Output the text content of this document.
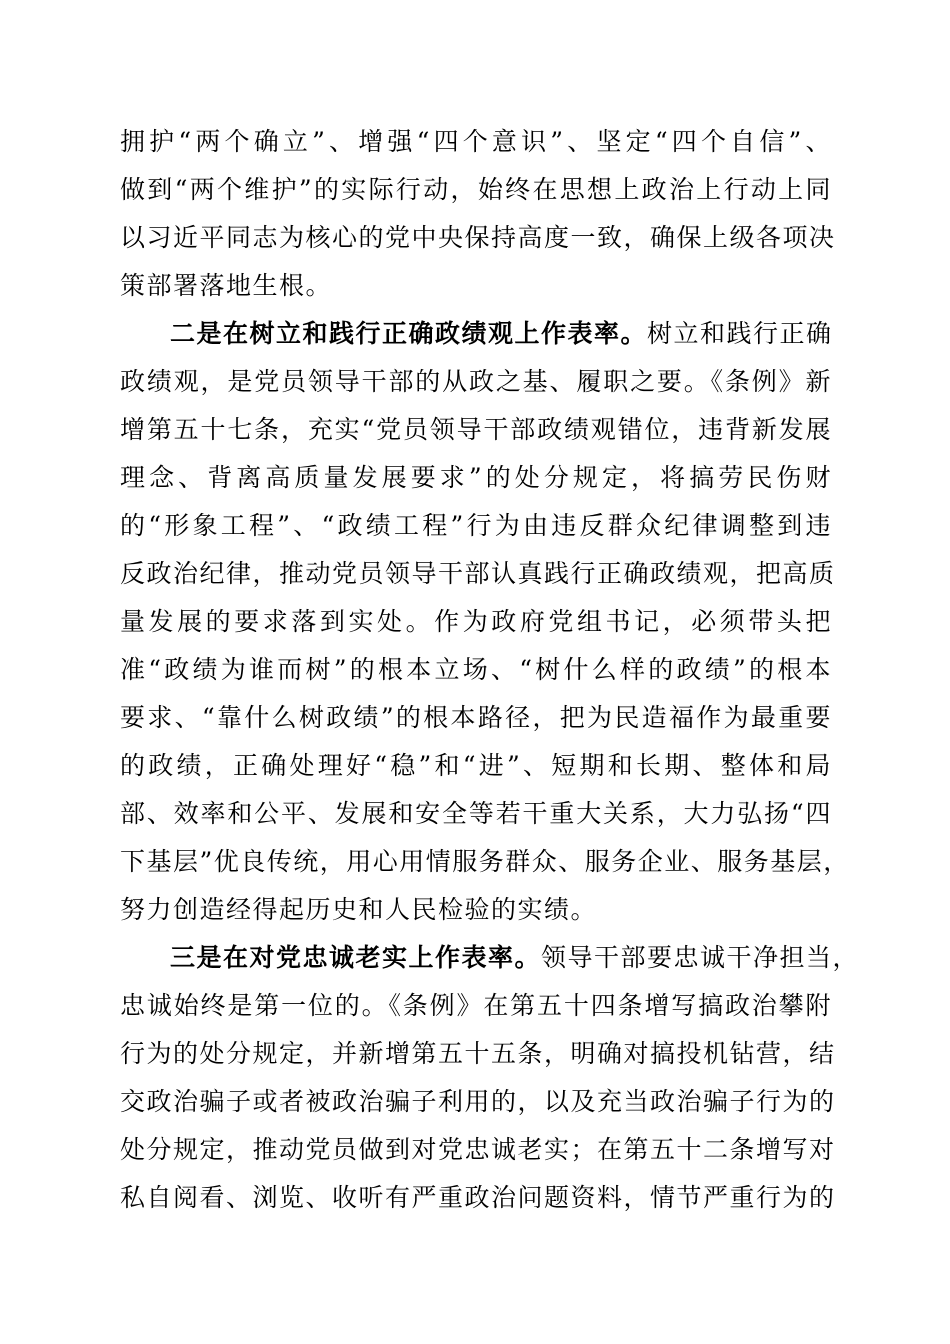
拥护“两个确立”、增强“四个意识”、坚定“四个自信”、
做到“两个维护”的实际行动，始终在思想上政治上行动上同
以习近平同志为核心的党中央保持高度一致，确保上级各项决
策部署落地生根。
二是在树立和践行正确政绩观上作表率。树立和践行正确
政绩观，是党员领导干部的从政之基、履职之要。《条例》新
增第五十七条，充实“党员领导干部政绩观错位，违背新发展
理念、背离高质量发展要求”的处分规定，将搞劳民伤财
的“形象工程”、“政绩工程”行为由违反群众纪律调整到违
反政治纪律，推动党员领导干部认真践行正确政绩观，把高质
量发展的要求落到实处。作为政府党组书记，必须带头把
准“政绩为谁而树”的根本立场、“树什么样的政绩”的根本
要求、“靠什么树政绩”的根本路径，把为民造福作为最重要
的政绩，正确处理好“稳”和“进”、短期和长期、整体和局
部、效率和公平、发展和安全等若干重大关系，大力弘扬“四
下基层”优良传统，用心用情服务群众、服务企业、服务基层，
努力创造经得起历史和人民检验的实绩。
三是在对党忠诚老实上作表率。领导干部要忠诚干净担当，
忠诚始终是第一位的。《条例》在第五十四条增写搞政治攀附
行为的处分规定，并新增第五十五条，明确对搞投机钻营，结
交政治骗子或者被政治骗子利用的，以及充当政治骗子行为的
处分规定，推动党员做到对党忠诚老实；在第五十二条增写对
私自阅看、浏览、收听有严重政治问题资料，情节严重行为的
